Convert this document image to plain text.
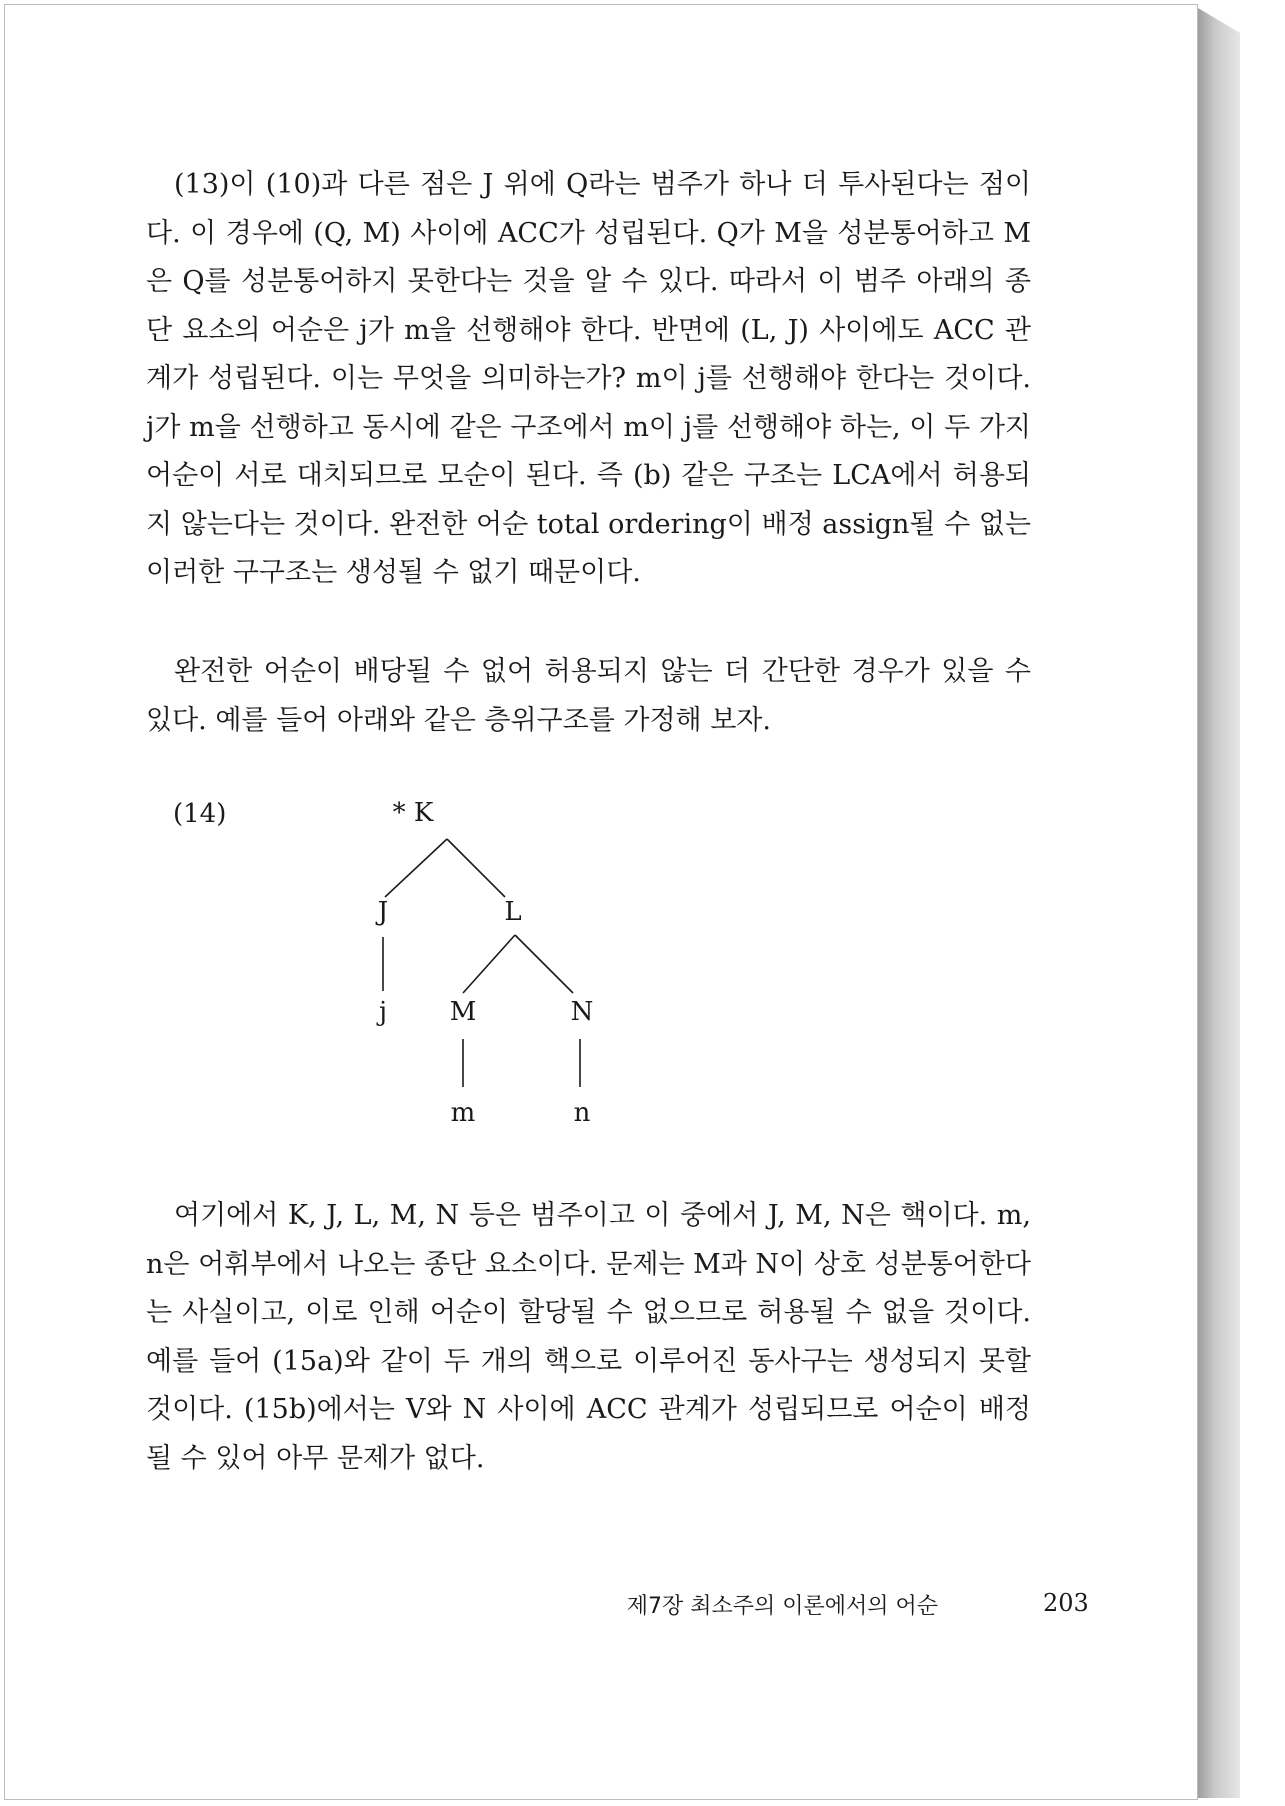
(13)이 (10)과 다른 점은 J 위에 Q라는 범주가 하나 더 투사된다는 점이다. 이 경우에 (Q, M) 사이에 ACC가 성립된다. Q가 M을 성분통어하고 M은 Q를 성분통어하지 못한다는 것을 알 수 있다. 따라서 이 범주 아래의 종단 요소의 어순은 j가 m을 선행해야 한다. 반면에 (L, J) 사이에도 ACC 관계가 성립된다. 이는 무엇을 의미하는가? m이 j를 선행해야 한다는 것이다. j가 m을 선행하고 동시에 같은 구조에서 m이 j를 선행해야 하는, 이 두 가지 어순이 서로 대치되므로 모순이 된다. 즉 (b) 같은 구조는 LCA에서 허용되지 않는다는 것이다. 완전한 어순 total ordering이 배정 assign될 수 없는 이러한 구구조는 생성될 수 없기 때문이다.

완전한 어순이 배당될 수 없어 허용되지 않는 더 간단한 경우가 있을 수 있다. 예를 들어 아래와 같은 층위구조를 가정해 보자.

(14)	* K
J	L
j M	N
m	n

여기에서 K, J, L, M, N 등은 범주이고 이 중에서 J, M, N은 핵이다. m, n은 어휘부에서 나오는 종단 요소이다. 문제는 M과 N이 상호 성분통어한다는 사실이고, 이로 인해 어순이 할당될 수 없으므로 허용될 수 없을 것이다. 예를 들어 (15a)와 같이 두 개의 핵으로 이루어진 동사구는 생성되지 못할 것이다. (15b)에서는 V와 N 사이에 ACC 관계가 성립되므로 어순이 배정될 수 있어 아무 문제가 없다.

제7장 최소주의 이론에서의 어순	203
